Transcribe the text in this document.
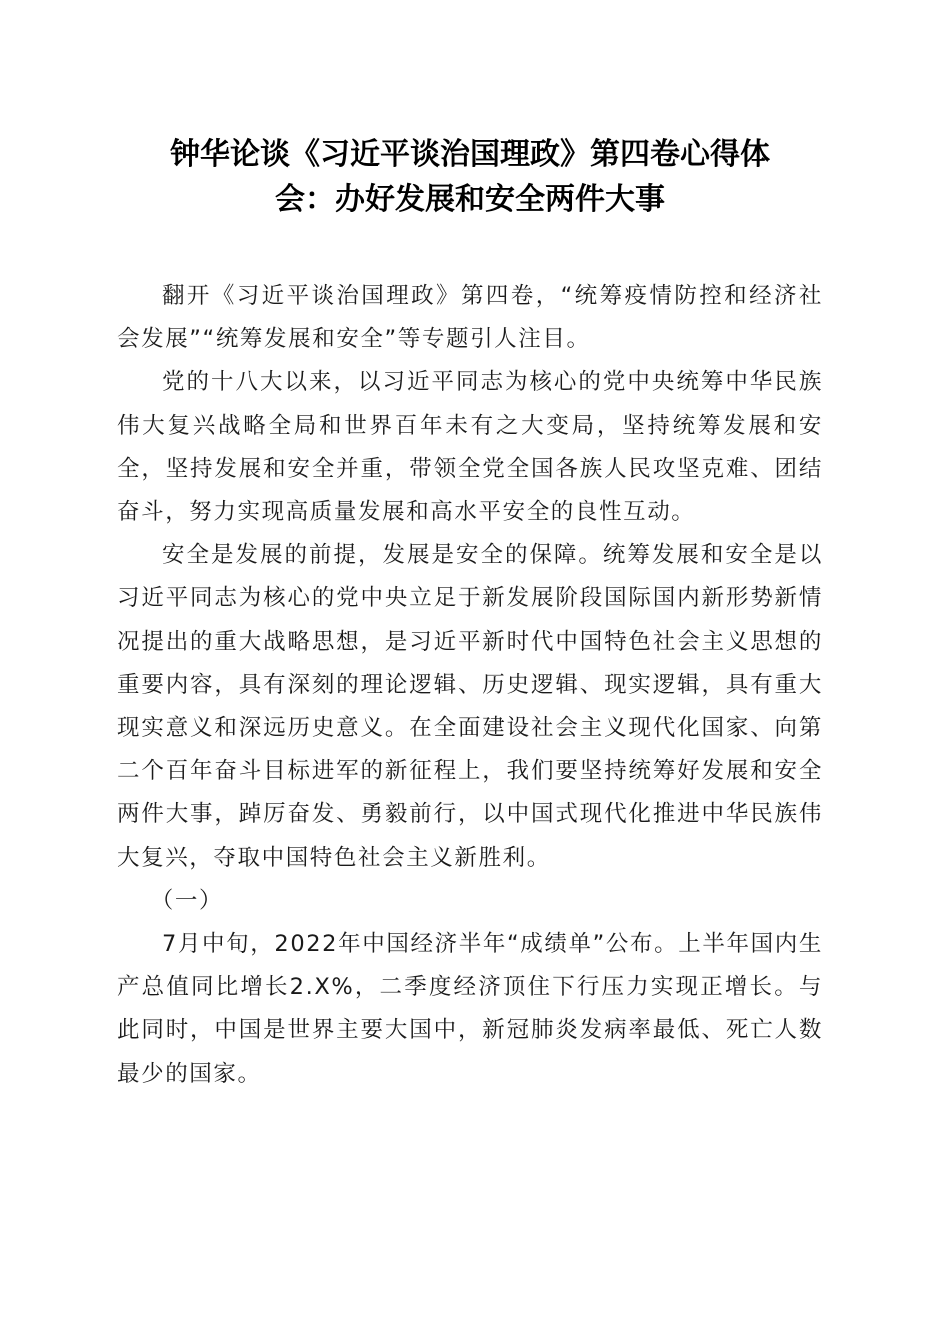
钟华论谈《习近平谈治国理政》第四卷心得体
会：办好发展和安全两件大事

翻开《习近平谈治国理政》第四卷，“统筹疫情防控和经济社会发展”“统筹发展和安全”等专题引人注目。

党的十八大以来，以习近平同志为核心的党中央统筹中华民族伟大复兴战略全局和世界百年未有之大变局，坚持统筹发展和安全，坚持发展和安全并重，带领全党全国各族人民攻坚克难、团结奋斗，努力实现高质量发展和高水平安全的良性互动。

安全是发展的前提，发展是安全的保障。统筹发展和安全是以习近平同志为核心的党中央立足于新发展阶段国际国内新形势新情况提出的重大战略思想，是习近平新时代中国特色社会主义思想的重要内容，具有深刻的理论逻辑、历史逻辑、现实逻辑，具有重大现实意义和深远历史意义。在全面建设社会主义现代化国家、向第二个百年奋斗目标进军的新征程上，我们要坚持统筹好发展和安全两件大事，踔厉奋发、勇毅前行，以中国式现代化推进中华民族伟大复兴，夺取中国特色社会主义新胜利。

（一）

7月中旬，2022年中国经济半年“成绩单”公布。上半年国内生产总值同比增长2.X%，二季度经济顶住下行压力实现正增长。与此同时，中国是世界主要大国中，新冠肺炎发病率最低、死亡人数最少的国家。
